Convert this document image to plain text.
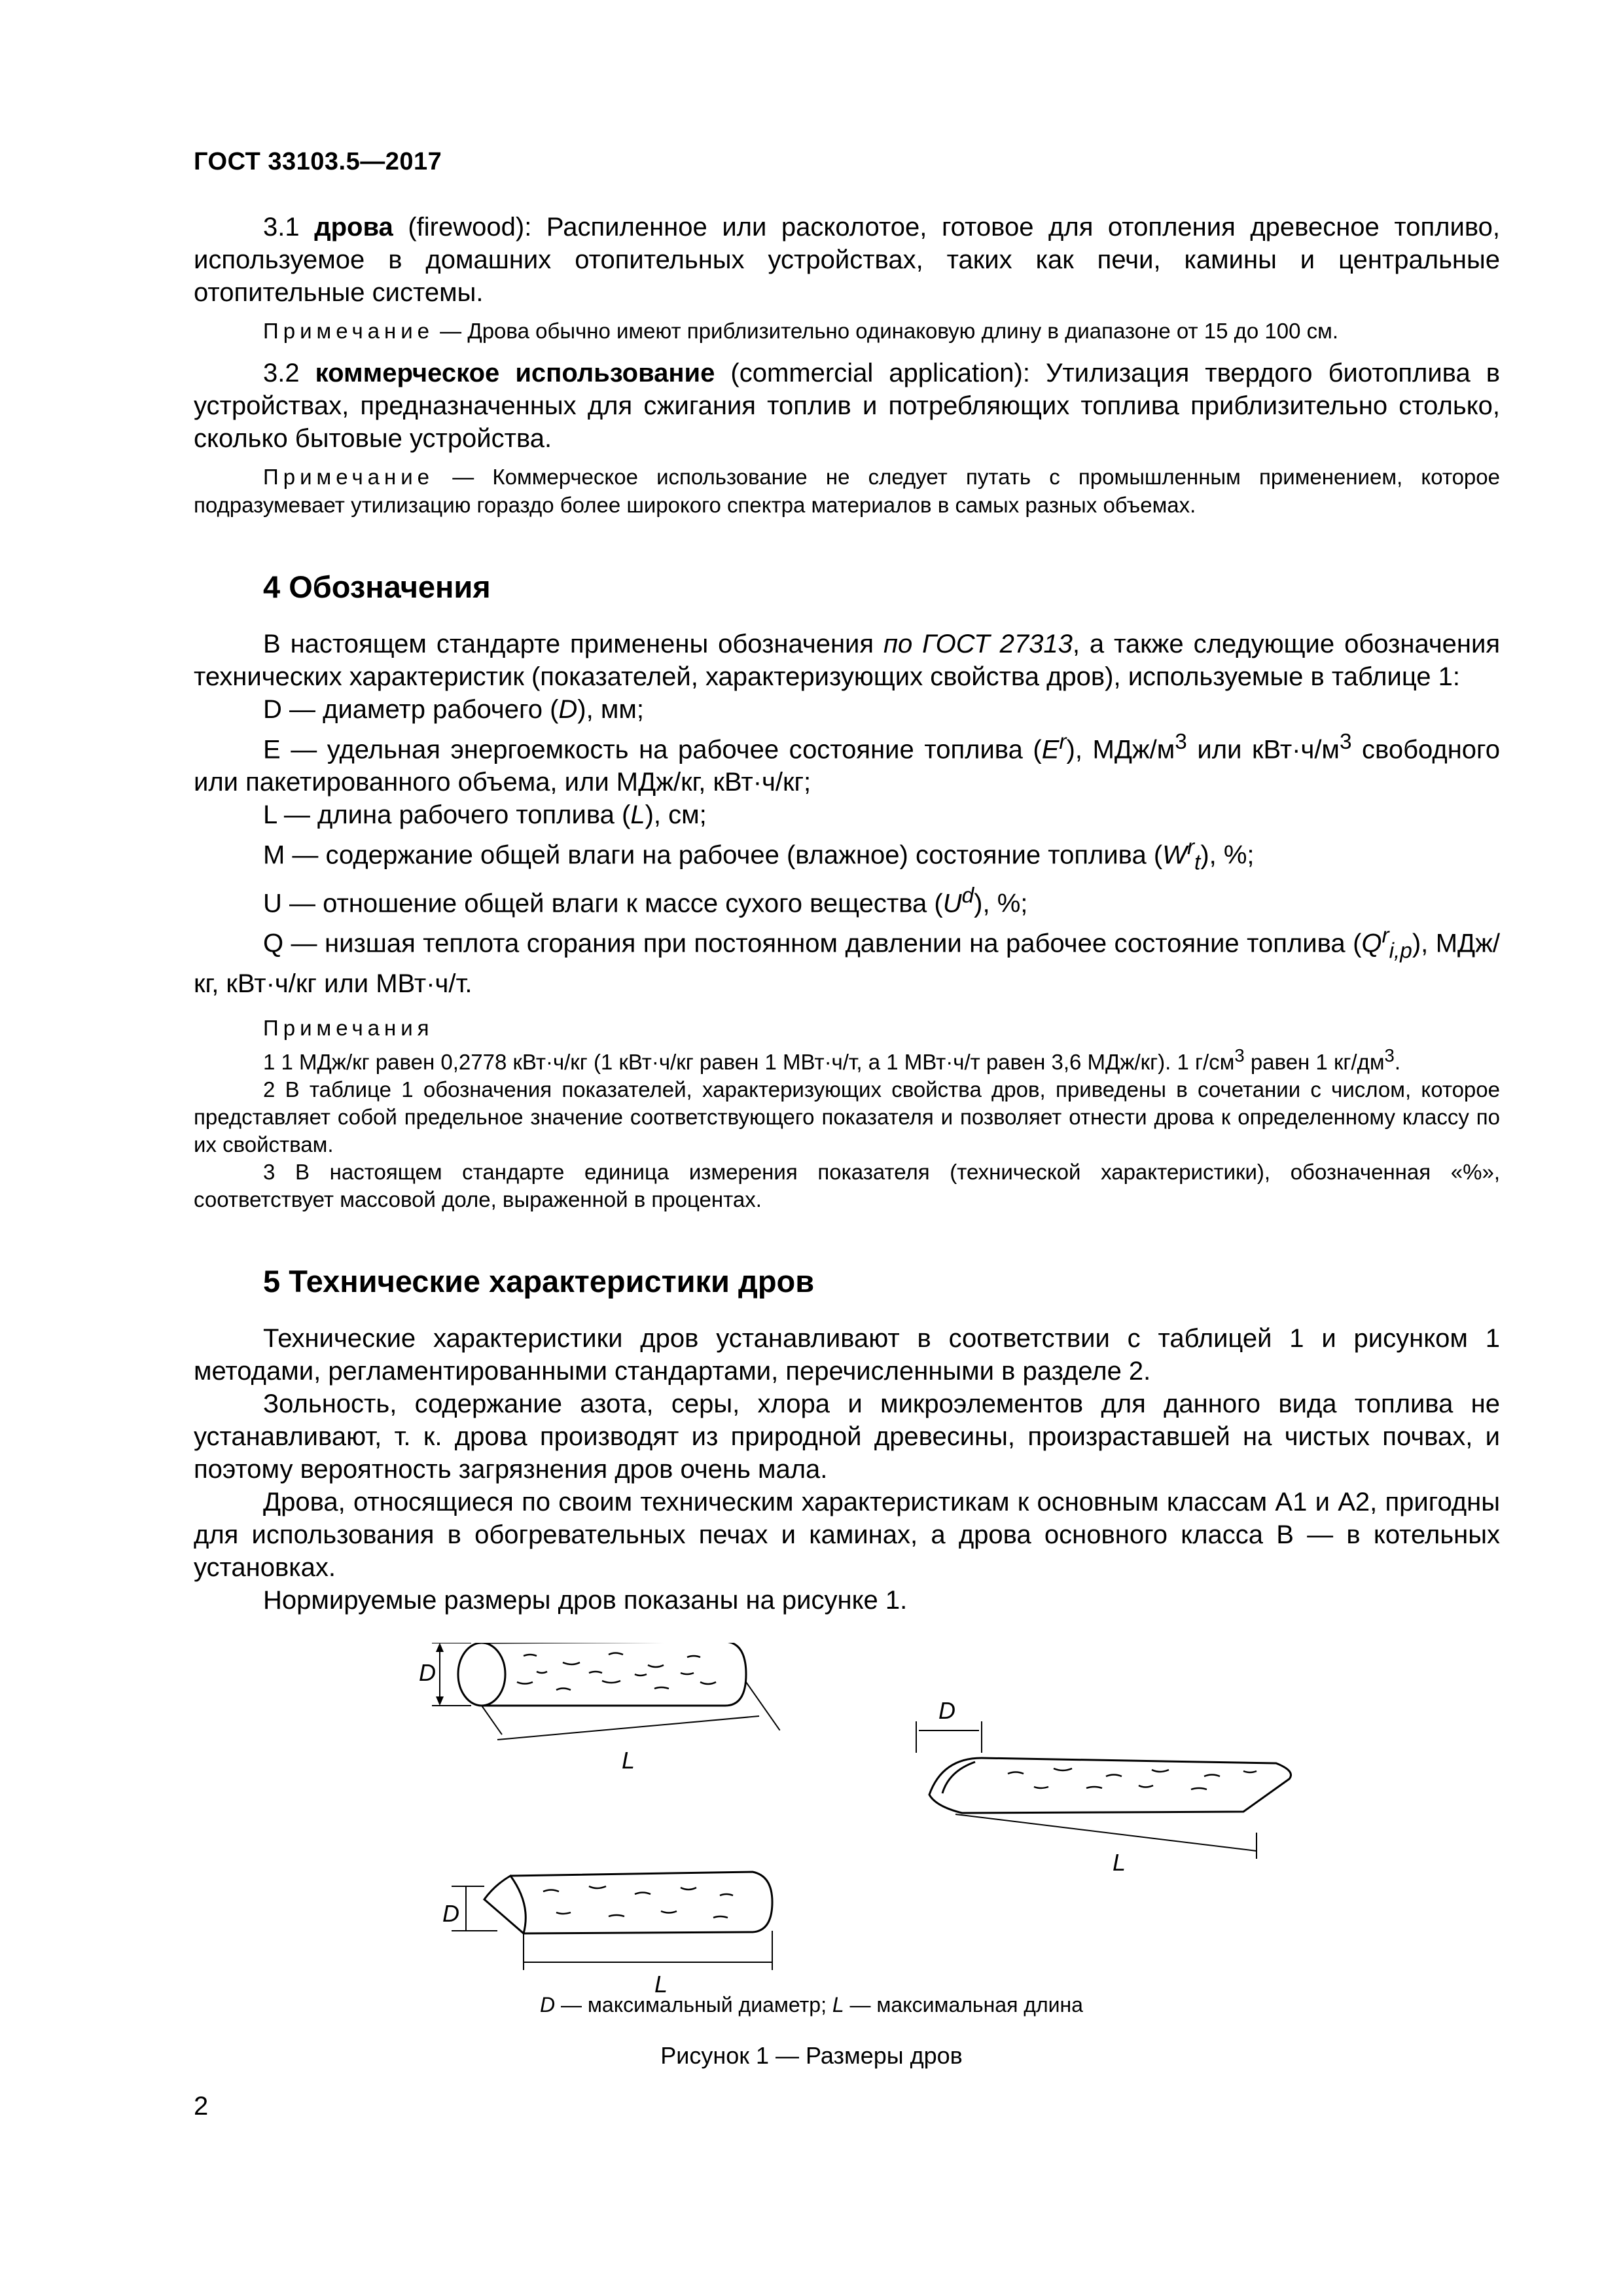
ГОСТ 33103.5—2017

3.1 дрова (firewood): Распиленное или расколотое, готовое для отопления древесное топливо, используемое в домашних отопительных устройствах, таких как печи, камины и центральные отопительные системы.

Примечание — Дрова обычно имеют приблизительно одинаковую длину в диапазоне от 15 до 100 см.

3.2 коммерческое использование (commercial application): Утилизация твердого биотоплива в устройствах, предназначенных для сжигания топлив и потребляющих топлива приблизительно столько, сколько бытовые устройства.

Примечание — Коммерческое использование не следует путать с промышленным применением, которое подразумевает утилизацию гораздо более широкого спектра материалов в самых разных объемах.
4 Обозначения

В настоящем стандарте применены обозначения по ГОСТ 27313, а также следующие обозначения технических характеристик (показателей, характеризующих свойства дров), используемые в таблице 1:

D — диаметр рабочего (D), мм;

E — удельная энергоемкость на рабочее состояние топлива $(E^r)$, МДж/$м^3$ или $кВт\cdot ч/м^3$ свободного или пакетированного объема, или МДж/кг, кВт·ч/кг;

L — длина рабочего топлива (L), см;

M — содержание общей влаги на рабочее (влажное) состояние топлива $(W^r_t)$, %;

U — отношение общей влаги к массе сухого вещества $(U^d)$, %;

Q — низшая теплота сгорания при постоянном давлении на рабочее состояние топлива $(Q^r_{i,p})$, МДж/кг, кВт·ч/кг или МВт·ч/т.

Примечания
1 1 МДж/кг равен 0,2778 кВт·ч/кг (1 кВт·ч/кг равен 1 МВт·ч/т, а 1 МВт·ч/т равен 3,6 МДж/кг). 1 $г/см^3$ равен 1 $кг/дм^3$.
2 В таблице 1 обозначения показателей, характеризующих свойства дров, приведены в сочетании с числом, которое представляет собой предельное значение соответствующего показателя и позволяет отнести дрова к определенному классу по их свойствам.
3 В настоящем стандарте единица измерения показателя (технической характеристики), обозначенная «%», соответствует массовой доле, выраженной в процентах.
5 Технические характеристики дров

Технические характеристики дров устанавливают в соответствии с таблицей 1 и рисунком 1 методами, регламентированными стандартами, перечисленными в разделе 2.

Зольность, содержание азота, серы, хлора и микроэлементов для данного вида топлива не устанавливают, т. к. дрова производят из природной древесины, произраставшей на чистых почвах, и поэтому вероятность загрязнения дров очень мала.

Дрова, относящиеся по своим техническим характеристикам к основным классам А1 и А2, пригодны для использования в обогревательных печах и каминах, а дрова основного класса В — в котельных установках.

Нормируемые размеры дров показаны на рисунке 1.

D
L
D
L
D
L
D — максимальный диаметр; L — максимальная длина
Рисунок 1 — Размеры дров
2
